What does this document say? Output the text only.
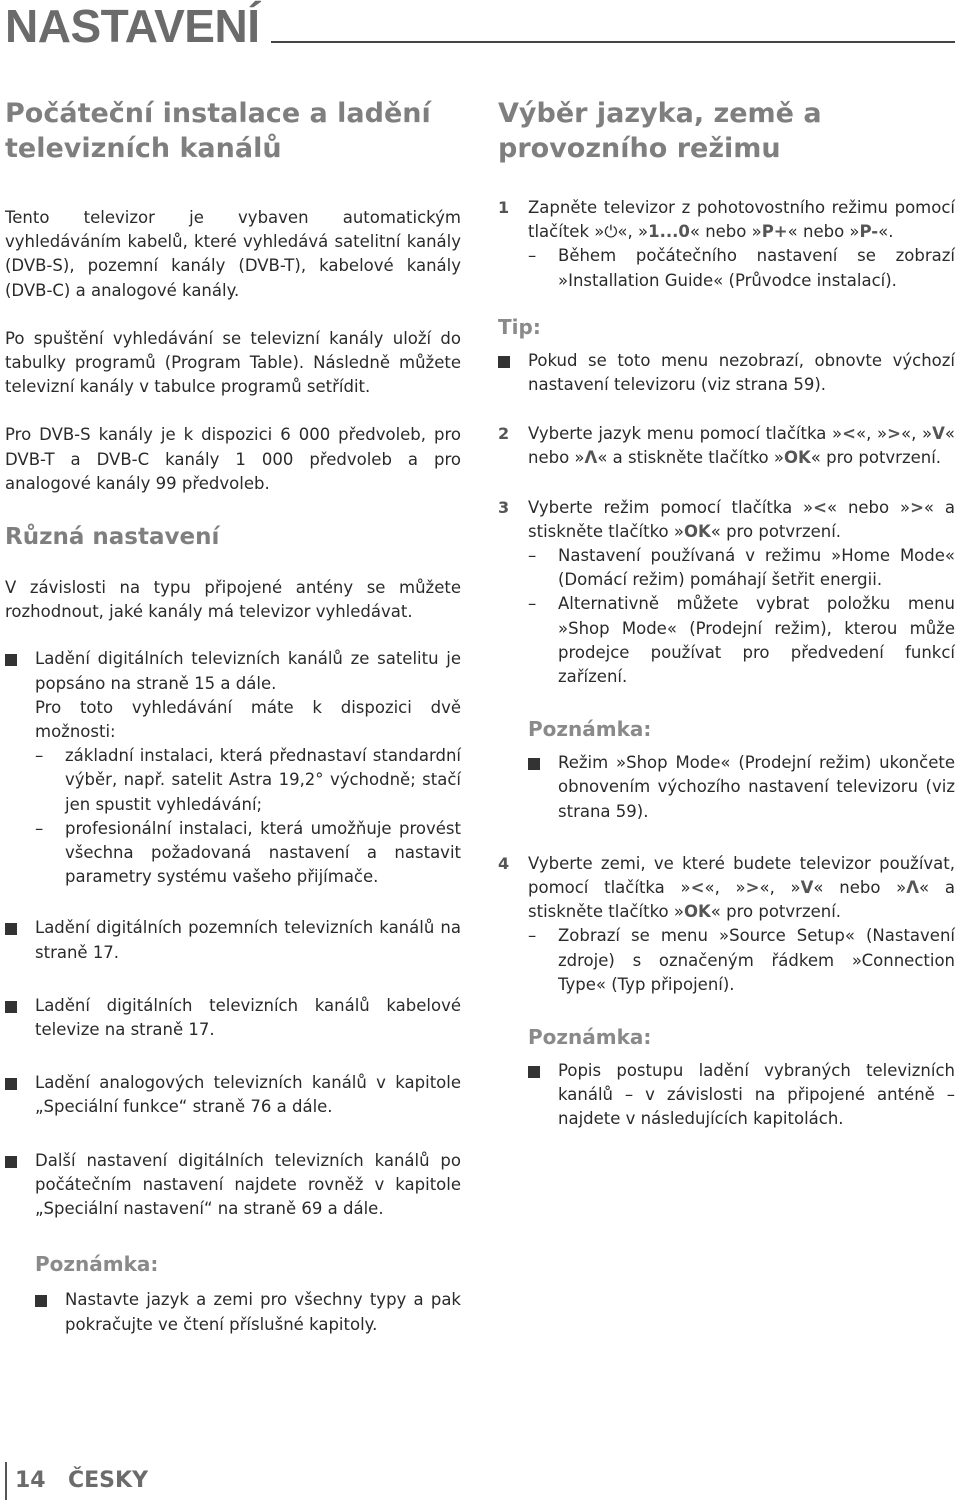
NASTAVENÍ
Počáteční instalace a ladění televizních kanálů

Tento televizor je vybaven automatickým vyhledáváním kabelů, které vyhledává satelitní kanály (DVB-S), pozemní kanály (DVB-T), kabelové kanály (DVB-C) a analogové kanály.

Po spuštění vyhledávání se televizní kanály uloží do tabulky programů (Program Table). Následně můžete televizní kanály v tabulce programů setřídit.

Pro DVB-S kanály je k dispozici 6 000 předvoleb, pro DVB-T a DVB-C kanály 1 000 předvoleb a pro analogové kanály 99 předvoleb.

Různá nastavení

V závislosti na typu připojené antény se můžete rozhodnout, jaké kanály má televizor vyhledávat.

Ladění digitálních televizních kanálů ze satelitu je popsáno na straně 15 a dále.
Pro toto vyhledávání máte k dispozici dvě možnosti:
– základní instalaci, která přednastaví standardní výběr, např. satelit Astra 19,2° východně; stačí jen spustit vyhledávání;
– profesionální instalaci, která umožňuje provést všechna požadovaná nastavení a nastavit parametry systému vašeho přijímače.
Ladění digitálních pozemních televizních kanálů na straně 17.
Ladění digitálních televizních kanálů kabelové televize na straně 17.
Ladění analogových televizních kanálů v kapitole „Speciální funkce“ straně 76 a dále.
Další nastavení digitálních televizních kanálů po počátečním nastavení najdete rovněž v kapitole „Speciální nastavení“ na straně 69 a dále.
Poznámka:
Nastavte jazyk a zemi pro všechny typy a pak pokračujte ve čtení příslušné kapitoly.
Výběr jazyka, země a provozního režimu
1 Zapněte televizor z pohotovostního režimu pomocí tlačítek »⏻«, »1...0« nebo »P+« nebo »P-«.
– Během počátečního nastavení se zobrazí »Installation Guide« (Průvodce instalací).
Tip:
Pokud se toto menu nezobrazí, obnovte výchozí nastavení televizoru (viz strana 59).
2 Vyberte jazyk menu pomocí tlačítka »<«, »>«, »V« nebo »Λ« a stiskněte tlačítko »OK« pro potvrzení.
3 Vyberte režim pomocí tlačítka »<« nebo »>« a stiskněte tlačítko »OK« pro potvrzení.
– Nastavení používaná v režimu »Home Mode« (Domácí režim) pomáhají šetřit energii.
– Alternativně můžete vybrat položku menu »Shop Mode« (Prodejní režim), kterou může prodejce používat pro předvedení funkcí zařízení.
Poznámka:
Režim »Shop Mode« (Prodejní režim) ukončete obnovením výchozího nastavení televizoru (viz strana 59).
4 Vyberte zemi, ve které budete televizor používat, pomocí tlačítka »<«, »>«, »V« nebo »Λ« a stiskněte tlačítko »OK« pro potvrzení.
– Zobrazí se menu »Source Setup« (Nastavení zdroje) s označeným řádkem »Connection Type« (Typ připojení).
Poznámka:
Popis postupu ladění vybraných televizních kanálů – v závislosti na připojené anténě – najdete v následujících kapitolách.
14 ČESKY
